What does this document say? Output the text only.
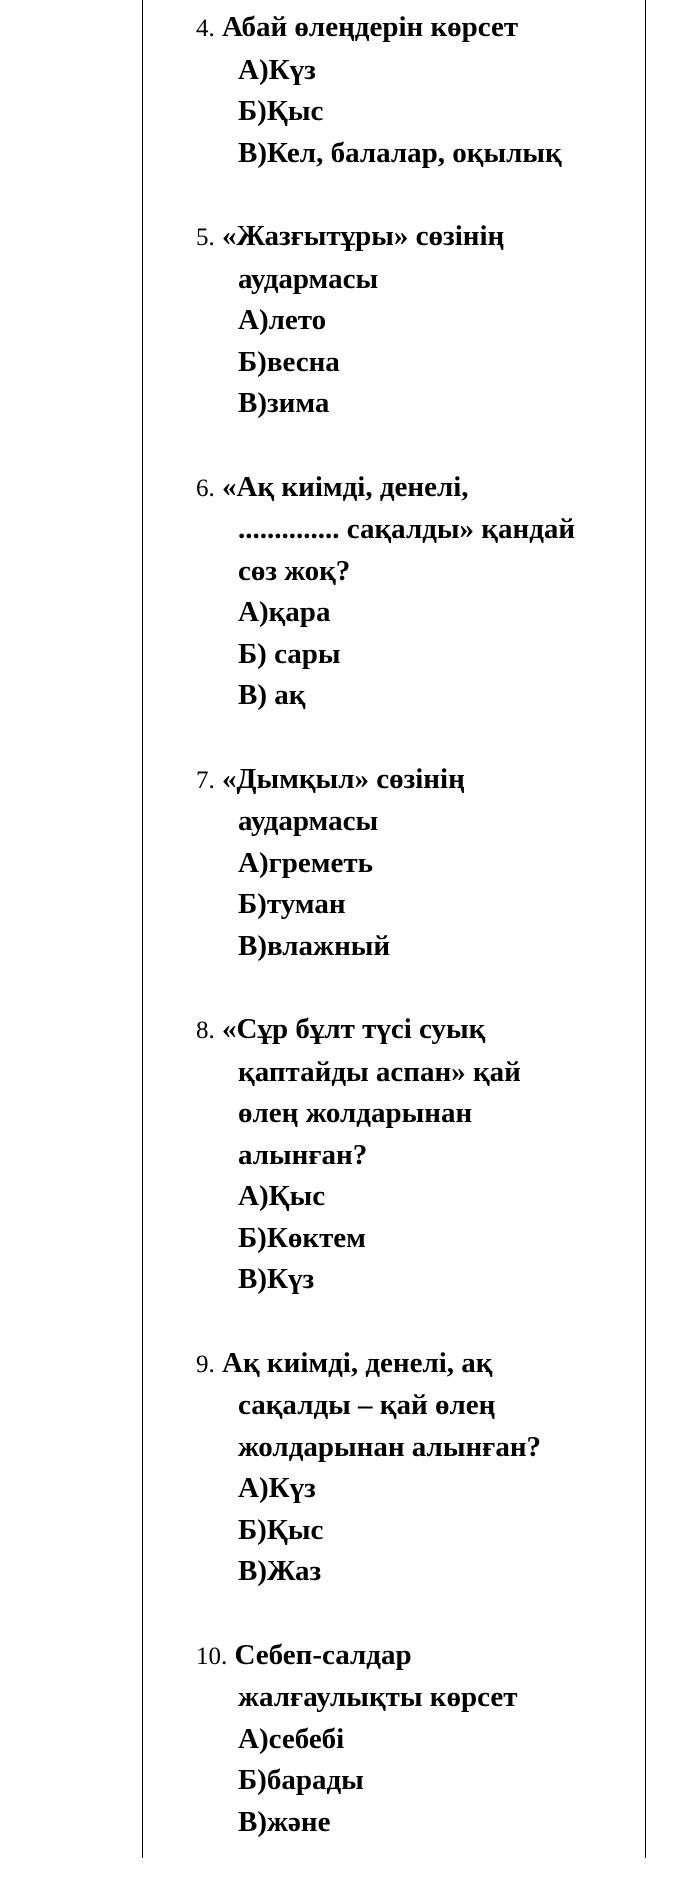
4. Абай өлеңдерін көрсет
А)Күз
Б)Қыс
В)Кел, балалар, оқылық
5. «Жазғытұры» сөзінің
аудармасы
А)лето
Б)весна
В)зима
6. «Ақ киімді, денелі,
.............. сақалды» қандай
сөз жоқ?
А)қара
Б) сары
В) ақ
7. «Дымқыл» сөзінің
аудармасы
А)греметь
Б)туман
В)влажный
8. «Сұр бұлт түсі суық
қаптайды аспан» қай
өлең жолдарынан
алынған?
А)Қыс
Б)Көктем
В)Күз
9. Ақ киімді, денелі, ақ
сақалды – қай өлең
жолдарынан алынған?
А)Күз
Б)Қыс
В)Жаз
10. Себеп-салдар
жалғаулықты көрсет
А)себебі
Б)барады
В)және
